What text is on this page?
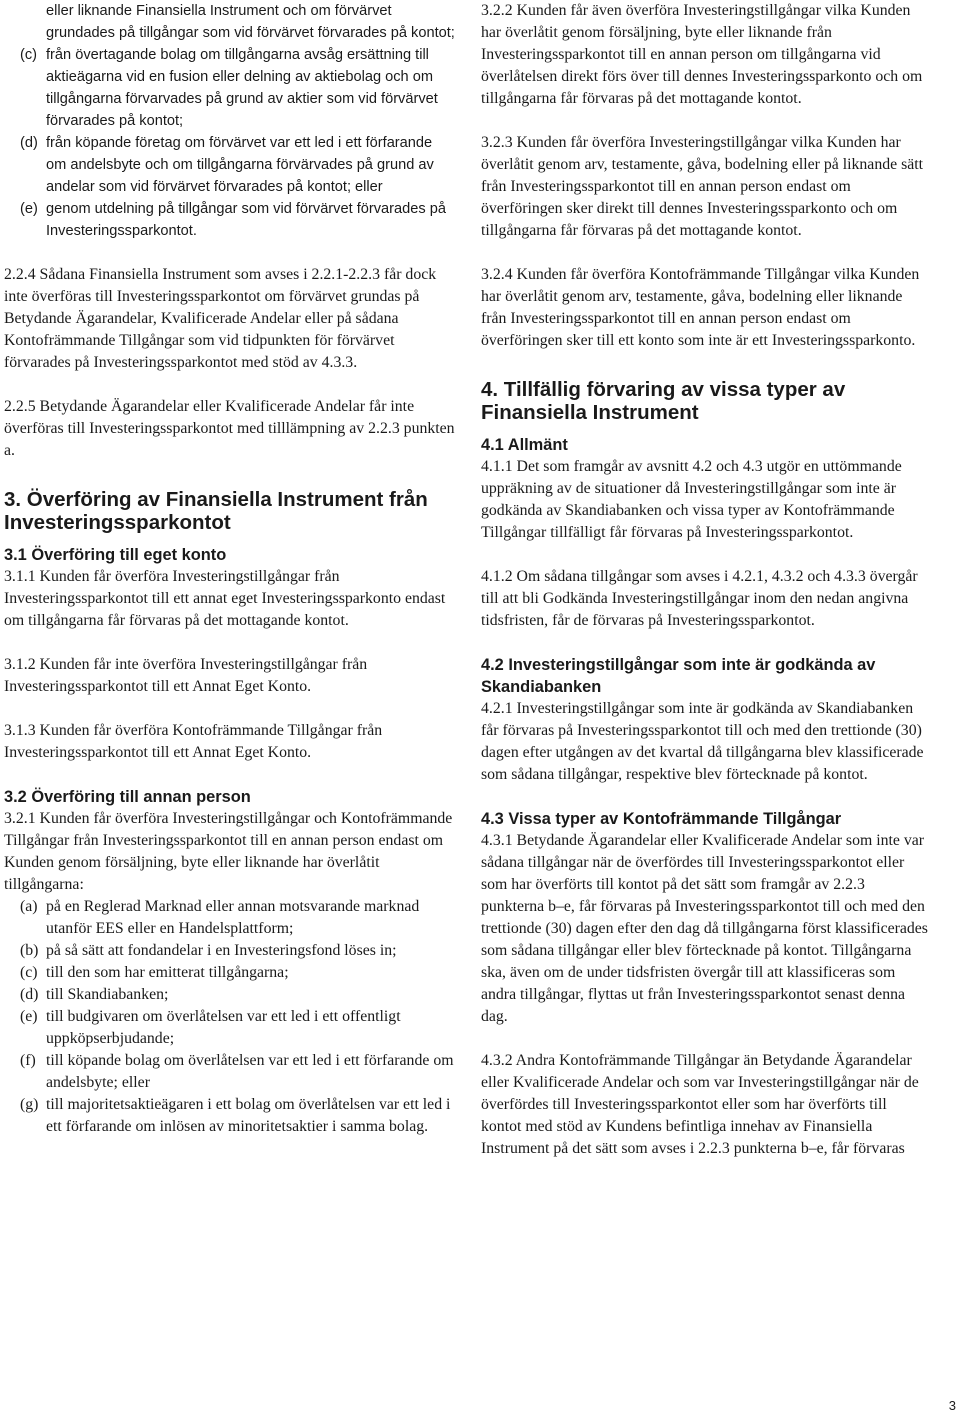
eller liknande Finansiella Instrument och om förvärvet grundades på tillgångar som vid förvärvet förvarades på kontot;
(c) från övertagande bolag om tillgångarna avsåg ersättning till aktieägarna vid en fusion eller delning av aktiebolag och om tillgångarna förvarvades på grund av aktier som vid förvärvet förvarades på kontot;
(d) från köpande företag om förvärvet var ett led i ett förfarande om andelsbyte och om tillgångarna förvärvades på grund av andelar som vid förvärvet förvarades på kontot; eller
(e) genom utdelning på tillgångar som vid förvärvet förvarades på Investeringssparkontot.

2.2.4 Sådana Finansiella Instrument som avses i 2.2.1-2.2.3 får dock inte överföras till Investeringssparkontot om förvärvet grundas på Betydande Ägarandelar, Kvalificerade Andelar eller på sådana Kontofrämmande Tillgångar som vid tidpunkten för förvärvet förvarades på Investeringssparkontot med stöd av 4.3.3.

2.2.5 Betydande Ägarandelar eller Kvalificerade Andelar får inte överföras till Investeringssparkontot med tilllämpning av 2.2.3 punkten a.

3. Överföring av Finansiella Instrument från Investeringssparkontot
3.1 Överföring till eget konto

3.1.1 Kunden får överföra Investeringstillgångar från Investeringssparkontot till ett annat eget Investeringssparkonto endast om tillgångarna får förvaras på det mottagande kontot.

3.1.2 Kunden får inte överföra Investeringstillgångar från Investeringssparkontot till ett Annat Eget Konto.

3.1.3 Kunden får överföra Kontofrämmande Tillgångar från Investeringssparkontot till ett Annat Eget Konto.

3.2 Överföring till annan person

3.2.1 Kunden får överföra Investeringstillgångar och Kontofrämmande Tillgångar från Investeringssparkontot till en annan person endast om Kunden genom försäljning, byte eller liknande har överlåtit tillgångarna:

(a) på en Reglerad Marknad eller annan motsvarande marknad utanför EES eller en Handelsplattform;
(b) på så sätt att fondandelar i en Investeringsfond löses in;
(c) till den som har emitterat tillgångarna;
(d) till Skandiabanken;
(e) till budgivaren om överlåtelsen var ett led i ett offentligt uppköpserbjudande;
(f) till köpande bolag om överlåtelsen var ett led i ett förfarande om andelsbyte; eller
(g) till majoritetsaktieägaren i ett bolag om överlåtelsen var ett led i ett förfarande om inlösen av minoritetsaktier i samma bolag.

3.2.2 Kunden får även överföra Investeringstillgångar vilka Kunden har överlåtit genom försäljning, byte eller liknande från Investeringssparkontot till en annan person om tillgångarna vid överlåtelsen direkt förs över till dennes Investeringssparkonto och om tillgångarna får förvaras på det mottagande kontot.

3.2.3 Kunden får överföra Investeringstillgångar vilka Kunden har överlåtit genom arv, testamente, gåva, bodelning eller på liknande sätt från Investeringssparkontot till en annan person endast om överföringen sker direkt till dennes Investeringssparkonto och om tillgångarna får förvaras på det mottagande kontot.

3.2.4 Kunden får överföra Kontofrämmande Tillgångar vilka Kunden har överlåtit genom arv, testamente, gåva, bodelning eller liknande från Investeringssparkontot till en annan person endast om överföringen sker till ett konto som inte är ett Investeringssparkonto.

4. Tillfällig förvaring av vissa typer av Finansiella Instrument
4.1 Allmänt

4.1.1 Det som framgår av avsnitt 4.2 och 4.3 utgör en uttömmande uppräkning av de situationer då Investeringstillgångar som inte är godkända av Skandiabanken och vissa typer av Kontofrämmande Tillgångar tillfälligt får förvaras på Investeringssparkontot.

4.1.2 Om sådana tillgångar som avses i 4.2.1, 4.3.2 och 4.3.3 övergår till att bli Godkända Investeringstillgångar inom den nedan angivna tidsfristen, får de förvaras på Investeringssparkontot.

4.2 Investeringstillgångar som inte är godkända av Skandiabanken

4.2.1 Investeringstillgångar som inte är godkända av Skandiabanken får förvaras på Investeringssparkontot till och med den trettionde (30) dagen efter utgången av det kvartal då tillgångarna blev klassificerade som sådana tillgångar, respektive blev förtecknade på kontot.

4.3 Vissa typer av Kontofrämmande Tillgångar

4.3.1 Betydande Ägarandelar eller Kvalificerade Andelar som inte var sådana tillgångar när de överfördes till Investeringssparkontot eller som har överförts till kontot på det sätt som framgår av 2.2.3 punkterna b–e, får förvaras på Investeringssparkontot till och med den trettionde (30) dagen efter den dag då tillgångarna först klassificerades som sådana tillgångar eller blev förtecknade på kontot. Tillgångarna ska, även om de under tidsfristen övergår till att klassificeras som andra tillgångar, flyttas ut från Investeringssparkontot senast denna dag.

4.3.2 Andra Kontofrämmande Tillgångar än Betydande Ägarandelar eller Kvalificerade Andelar och som var Investeringstillgångar när de överfördes till Investeringssparkontot eller som har överförts till kontot med stöd av Kundens befintliga innehav av Finansiella Instrument på det sätt som avses i 2.2.3 punkterna b–e, får förvaras

3
